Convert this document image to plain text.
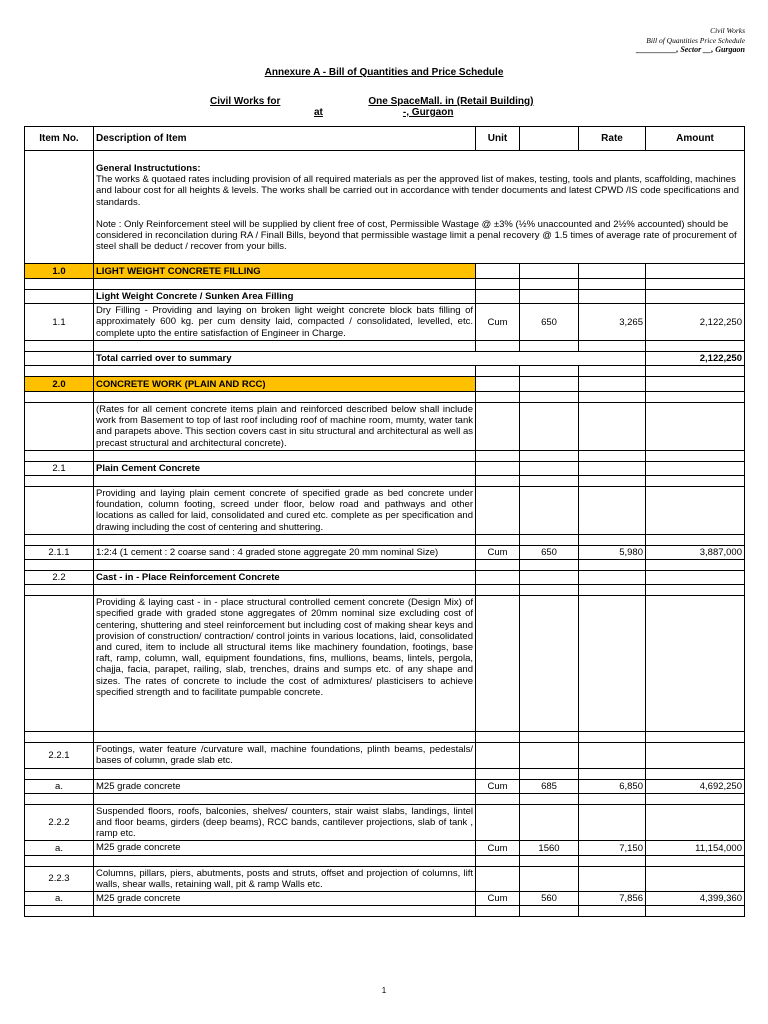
Civil Works
Bill of Quantities Price Schedule
__________, Sector __, Gurgaon
Annexure A - Bill of Quantities and Price Schedule
Civil Works for	One SpaceMall. in (Retail Building)
at	-, Gurgaon
Item No.	Description of Item	Unit		Rate	Amount

	General Instructutions:

The works & quotaed rates including provision of all required materials as per the approved list of makes, testing, tools and plants, scaffolding, machines and labour cost for all heights & levels. The works shall be carried out in accordance with tender documents and latest CPWD /IS code specifications and standards.

Note : Only Reinforcement steel will be supplied by client free of cost, Permissible Wastage @ ±3% (½% unaccounted and 2½% accounted) should be considered in reconcilation during RA / Finall Bills, beyond that permissible wastage limit a penal recovery @ 1.5 times of average rate of procurement of steel shall be deduct / recover from your bills.				

1.0	LIGHT WEIGHT CONCRETE FILLING				

	Light Weight Concrete / Sunken Area Filling				
1.1	Dry Filling - Providing and laying on broken light weight concrete block bats filling of approximately 600 kg. per cum density laid, compacted / consolidated, levelled, etc. complete upto the entire satisfaction of Engineer in Charge.	Cum	650	3,265	2,122,250

	Total carried over to summary				2,122,250

2.0	CONCRETE WORK (PLAIN AND RCC)				

	(Rates for all cement concrete items plain and reinforced described below shall include work from Basement to top of last roof including roof of machine room, mumty, water tank and parapets above. This section covers cast in situ structural and architectural as well as precast structural and architectural concrete).				

2.1	Plain Cement Concrete				

	Providing and laying plain cement concrete of specified grade as bed concrete under foundation, column footing, screed under floor, below road and pathways and other locations as called for laid, consolidated and cured etc. complete as per specification and drawing including the cost of centering and shuttering.				

2.1.1	1:2:4 (1 cement : 2 coarse sand : 4 graded stone aggregate 20 mm nominal Size)	Cum	650	5,980	3,887,000

2.2	Cast - in - Place Reinforcement Concrete				

	Providing & laying cast - in - place structural controlled cement concrete (Design Mix) of specified grade with graded stone aggregates of 20mm nominal size excluding cost of centering, shuttering and steel reinforcement but including cost of making shear keys and provision of construction/ contraction/ control joints in various locations, laid, consolidated and cured, item to include all structural items like machinery foundation, footings, base raft, ramp, column, wall, equipment foundations, fins, mullions, beams, lintels, pergola, chajja, facia, parapet, railing, slab, trenches, drains and sumps etc. of any shape and sizes. The rates of concrete to include the cost of admixtures/ plasticisers to achieve specified strength and to facilitate pumpable concrete.				

2.2.1	Footings, water feature /curvature wall, machine foundations, plinth beams, pedestals/ bases of column, grade slab etc.				

a.	M25 grade concrete	Cum	685	6,850	4,692,250

2.2.2	Suspended floors, roofs, balconies, shelves/ counters, stair waist slabs, landings, lintel and floor beams, girders (deep beams), RCC bands, cantilever projections, slab of tank , ramp etc.				
a.	M25 grade concrete	Cum	1560	7,150	11,154,000

2.2.3	Columns, pillars, piers, abutments, posts and struts, offset and projection of columns, lift walls, shear walls, retaining wall, pit & ramp Walls etc.				
a.	M25 grade concrete	Cum	560	7,856	4,399,360

1
